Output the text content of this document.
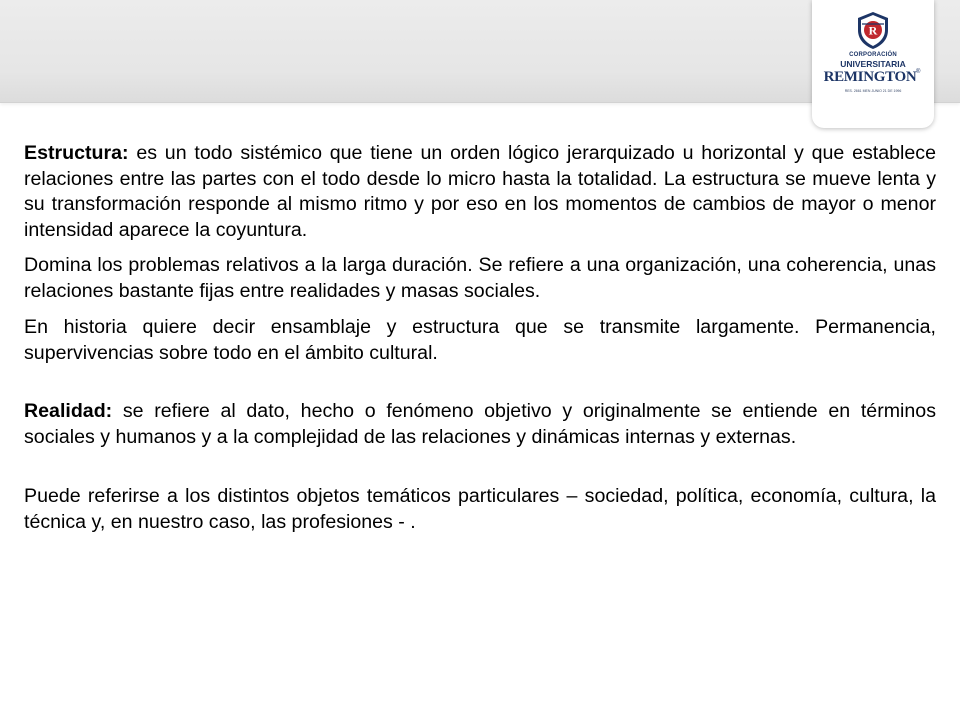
R
CORPORACIÓN
UNIVERSITARIA
REMINGTON ®
RES. 2661 MEN JUNIO 21 DE 1996

Estructura: es un todo sistémico que tiene un orden lógico jerarquizado u horizontal y que establece relaciones entre las partes con el todo desde lo micro hasta la totalidad. La estructura se mueve lenta y su transformación responde al mismo ritmo y por eso en los momentos de cambios de mayor o menor intensidad aparece la coyuntura.

Domina los problemas relativos a la larga duración. Se refiere a una organización, una coherencia, unas relaciones bastante fijas entre realidades y masas sociales.

En historia quiere decir ensamblaje y estructura que se transmite largamente. Permanencia, supervivencias sobre todo en el ámbito cultural.

Realidad: se refiere al dato, hecho o fenómeno objetivo y originalmente se entiende en términos sociales y humanos y a la complejidad de las relaciones y dinámicas internas y externas.

Puede referirse a los distintos objetos temáticos particulares – sociedad, política, economía, cultura, la técnica y, en nuestro caso, las profesiones - .
